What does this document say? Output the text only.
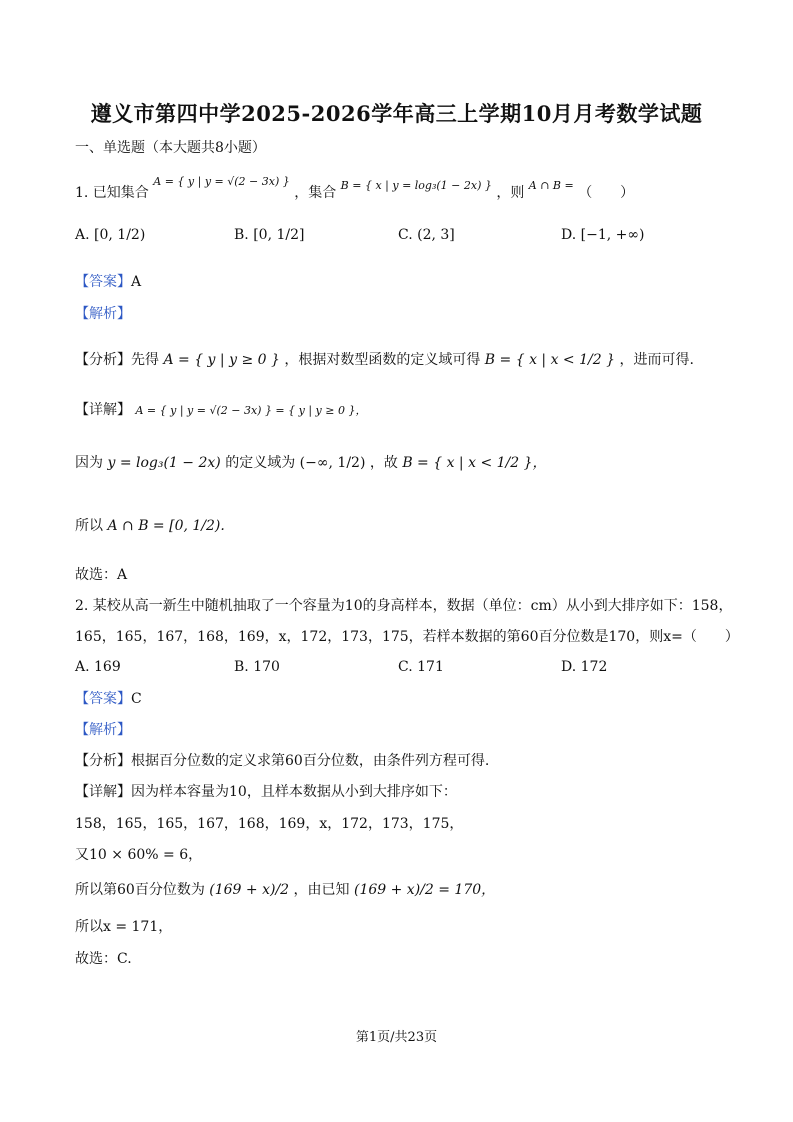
遵义市第四中学2025-2026学年高三上学期10月月考数学试题
一、单选题（本大题共8小题）
1. 已知集合 $^{A = \{ y | y = √(2 - 3x) \}}$ ，集合 $^{B = \{ x | y = log_3(1 - 2x) \}}$ ，则 $^{A \cap B =}$ （　　）
A. [0, 1/2)	B. [0, 1/2]	C. (2, 3]	D. [−1, +∞)
【答案】A
【解析】
【分析】先得 A = { y | y ≥ 0 } ，根据对数型函数的定义域可得 B = { x | x < 1/2 } ，进而可得.
【详解】 A = { y | y = √(2 − 3x) } = { y | y ≥ 0 }，
因为 y = log₃(1 − 2x) 的定义域为 (−∞, 1/2) ，故 B = { x | x < 1/2 }，
所以 A ∩ B = [0, 1/2).
故选：A
2. 某校从高一新生中随机抽取了一个容量为10的身高样本，数据（单位：cm）从小到大排序如下：158，
165，165，167，168，169，x，172，173，175，若样本数据的第60百分位数是170，则x=（　　）
A. 169	B. 170	C. 171	D. 172
【答案】C
【解析】
【分析】根据百分位数的定义求第60百分位数，由条件列方程可得.
【详解】因为样本容量为10，且样本数据从小到大排序如下：
158，165，165，167，168，169，x，172，173，175，
又10 × 60% = 6，
所以第60百分位数为 (169 + x)/2 ，由已知 (169 + x)/2 = 170，
所以x = 171，
故选：C.
第1页/共23页
